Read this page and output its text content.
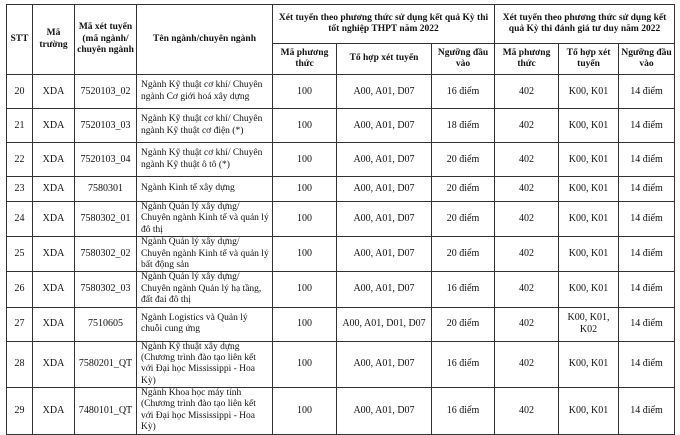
STT	Mã trường	Mã xét tuyển (mã ngành/ chuyên ngành	Tên ngành/chuyên ngành	Xét tuyển theo phương thức sử dụng kết quả Kỳ thi tốt nghiệp THPT năm 2022			Xét tuyển theo phương thức sử dụng kết quả Kỳ thi đánh giá tư duy năm 2022		
				Mã phương thức	Tổ hợp xét tuyển	Ngưỡng đầu vào	Mã phương thức	Tổ hợp xét tuyển	Ngưỡng đầu vào
20	XDA	7520103_02	Ngành Kỹ thuật cơ khí/ Chuyên ngành Cơ giới hoá xây dựng	100	A00, A01, D07	16 điểm	402	K00, K01	14 điểm
21	XDA	7520103_03	Ngành Kỹ thuật cơ khí/ Chuyên ngành Kỹ thuật cơ điện (*)	100	A00, A01, D07	18 điểm	402	K00, K01	14 điểm
22	XDA	7520103_04	Ngành Kỹ thuật cơ khí/ Chuyên ngành Kỹ thuật ô tô (*)	100	A00, A01, D07	20 điểm	402	K00, K01	14 điểm
23	XDA	7580301	Ngành Kinh tế xây dựng	100	A00, A01, D07	20 điểm	402	K00, K01	14 điểm
24	XDA	7580302_01	Ngành Quản lý xây dựng/ Chuyên ngành Kinh tế và quản lý đô thị	100	A00, A01, D07	20 điểm	402	K00, K01	14 điểm
25	XDA	7580302_02	Ngành Quản lý xây dựng/ Chuyên ngành Kinh tế và quản lý bất động sản	100	A00, A01, D07	20 điểm	402	K00, K01	14 điểm
26	XDA	7580302_03	Ngành Quản lý xây dựng/ Chuyên ngành Quản lý hạ tầng, đất đai đô thị	100	A00, A01, D07	16 điểm	402	K00, K01	14 điểm
27	XDA	7510605	Ngành Logistics và Quản lý chuỗi cung ứng	100	A00, A01, D01, D07	20 điểm	402	K00, K01, K02	14 điểm
28	XDA	7580201_QT	Ngành Kỹ thuật xây dựng (Chương trình đào tạo liên kết với Đại học Mississippi - Hoa Kỳ)	100	A00, A01, D07	16 điểm	402	K00, K01	14 điểm
29	XDA	7480101_QT	Ngành Khoa học máy tính (Chương trình đào tạo liên kết với Đại học Mississippi - Hoa Kỳ)	100	A00, A01, D07	16 điểm	402	K00, K01	14 điểm
